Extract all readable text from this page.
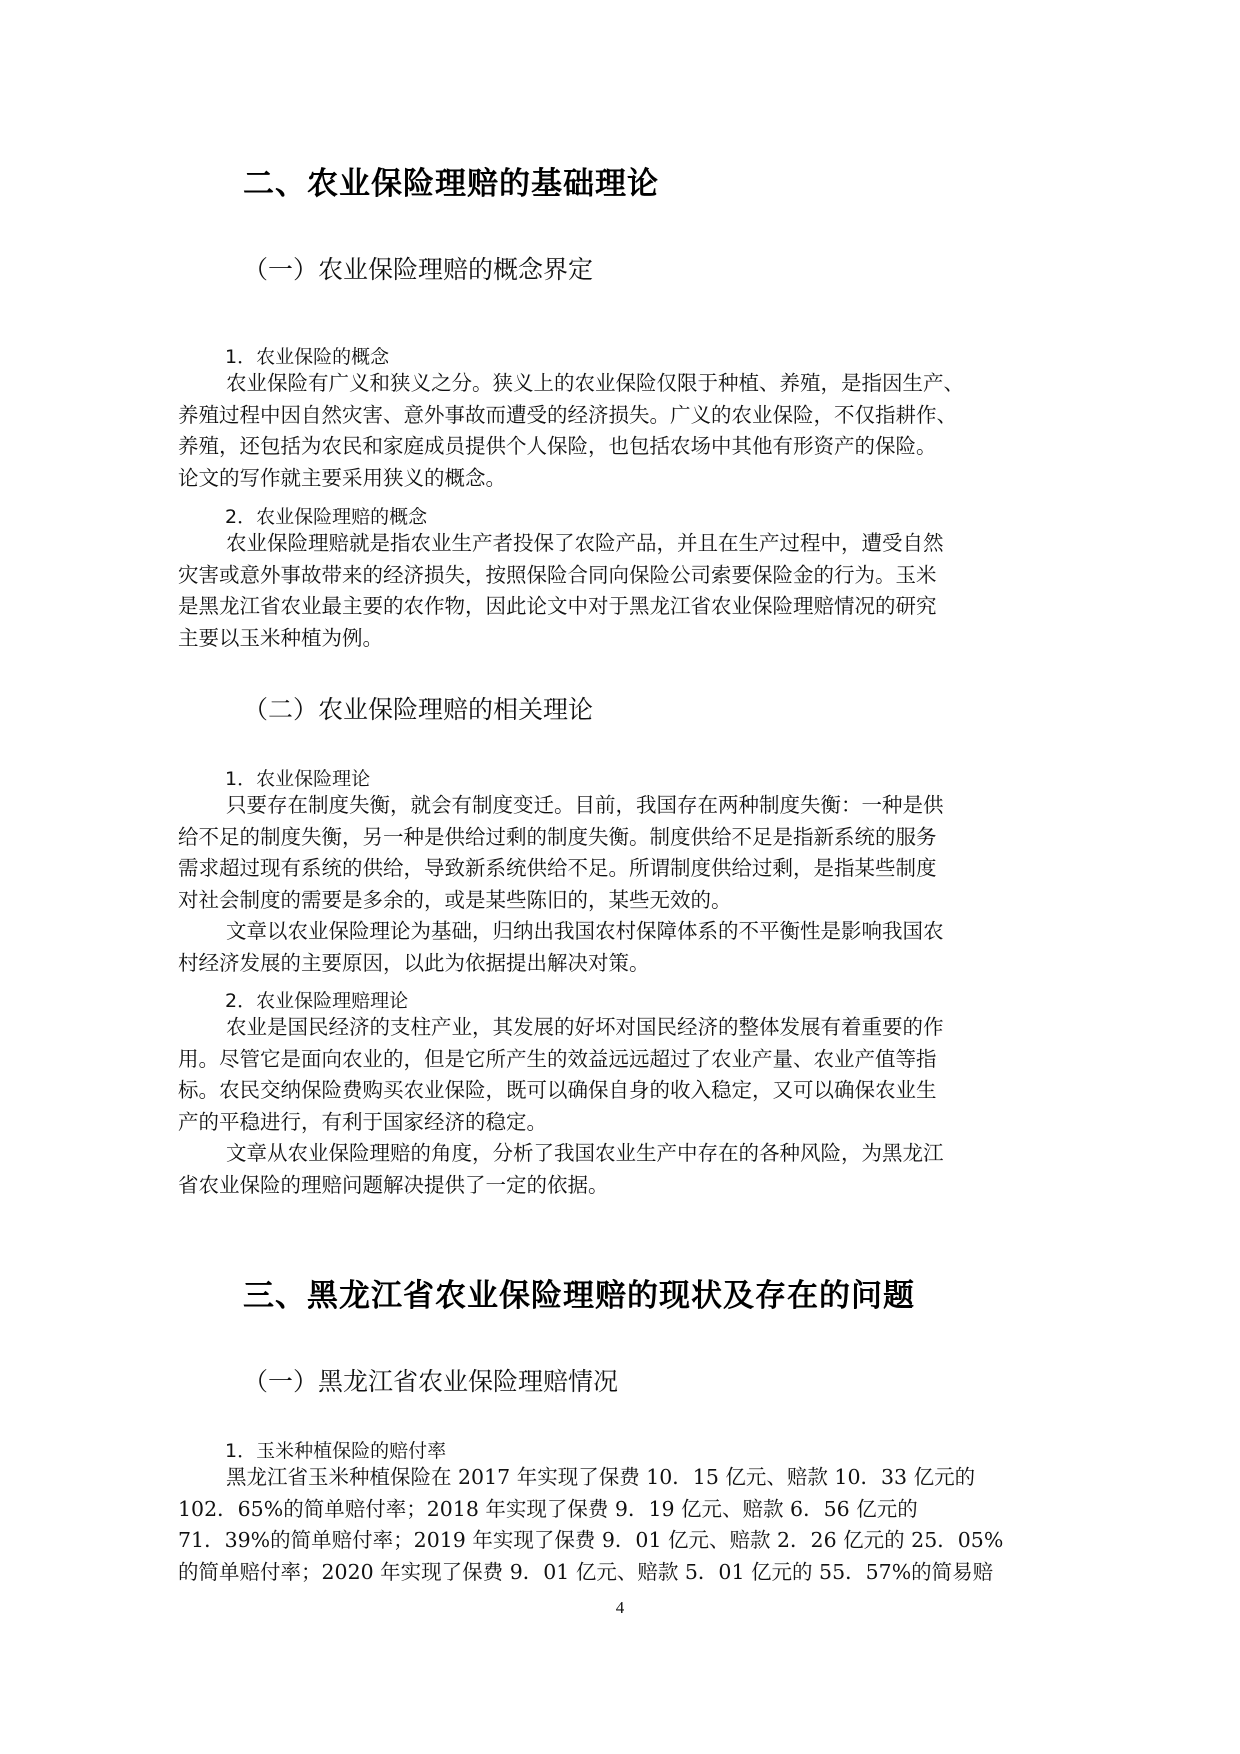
二、农业保险理赔的基础理论
（一）农业保险理赔的概念界定
1．农业保险的概念
农业保险有广义和狭义之分。狭义上的农业保险仅限于种植、养殖，是指因生产、
养殖过程中因自然灾害、意外事故而遭受的经济损失。广义的农业保险，不仅指耕作、
养殖，还包括为农民和家庭成员提供个人保险，也包括农场中其他有形资产的保险。
论文的写作就主要采用狭义的概念。
2．农业保险理赔的概念
农业保险理赔就是指农业生产者投保了农险产品，并且在生产过程中，遭受自然
灾害或意外事故带来的经济损失，按照保险合同向保险公司索要保险金的行为。玉米
是黑龙江省农业最主要的农作物，因此论文中对于黑龙江省农业保险理赔情况的研究
主要以玉米种植为例。
（二）农业保险理赔的相关理论
1．农业保险理论
只要存在制度失衡，就会有制度变迁。目前，我国存在两种制度失衡：一种是供
给不足的制度失衡，另一种是供给过剩的制度失衡。制度供给不足是指新系统的服务
需求超过现有系统的供给，导致新系统供给不足。所谓制度供给过剩，是指某些制度
对社会制度的需要是多余的，或是某些陈旧的，某些无效的。
文章以农业保险理论为基础，归纳出我国农村保障体系的不平衡性是影响我国农
村经济发展的主要原因，以此为依据提出解决对策。
2．农业保险理赔理论
农业是国民经济的支柱产业，其发展的好坏对国民经济的整体发展有着重要的作
用。尽管它是面向农业的，但是它所产生的效益远远超过了农业产量、农业产值等指
标。农民交纳保险费购买农业保险，既可以确保自身的收入稳定，又可以确保农业生
产的平稳进行，有利于国家经济的稳定。
文章从农业保险理赔的角度，分析了我国农业生产中存在的各种风险，为黑龙江
省农业保险的理赔问题解决提供了一定的依据。
三、黑龙江省农业保险理赔的现状及存在的问题
（一）黑龙江省农业保险理赔情况
1．玉米种植保险的赔付率
黑龙江省玉米种植保险在 2017 年实现了保费 10．15 亿元、赔款 10．33 亿元的
102．65%的简单赔付率；2018 年实现了保费 9．19 亿元、赔款 6．56 亿元的
71．39%的简单赔付率；2019 年实现了保费 9．01 亿元、赔款 2．26 亿元的 25．05%
的简单赔付率；2020 年实现了保费 9．01 亿元、赔款 5．01 亿元的 55．57%的简易赔
4
